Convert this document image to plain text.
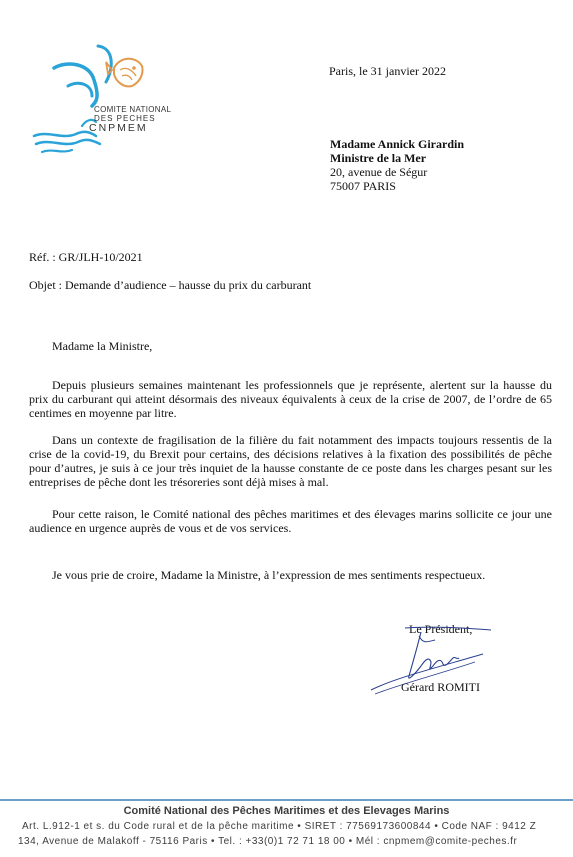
COMITE NATIONAL
DES PECHES
CNPMEM
Paris, le 31 janvier 2022
Madame Annick Girardin
Ministre de la Mer
20, avenue de Ségur
75007 PARIS
Réf. : GR/JLH-10/2021
Objet : Demande d’audience – hausse du prix du carburant
Madame la Ministre,
Depuis plusieurs semaines maintenant les professionnels que je représente, alertent sur la hausse du prix du carburant qui atteint désormais des niveaux équivalents à ceux de la crise de 2007, de l’ordre de 65 centimes en moyenne par litre.
Dans un contexte de fragilisation de la filière du fait notamment des impacts toujours ressentis de la crise de la covid-19, du Brexit pour certains, des décisions relatives à la fixation des possibilités de pêche pour d’autres, je suis à ce jour très inquiet de la hausse constante de ce poste dans les charges pesant sur les entreprises de pêche dont les trésoreries sont déjà mises à mal.
Pour cette raison, le Comité national des pêches maritimes et des élevages marins sollicite ce jour une audience en urgence auprès de vous et de vos services.
Je vous prie de croire, Madame la Ministre, à l’expression de mes sentiments respectueux.
Le Président,
Gérard ROMITI
Comité National des Pêches Maritimes et des Elevages Marins
Art. L.912-1 et s. du Code rural et de la pêche maritime • SIRET : 77569173600844 • Code NAF : 9412 Z
134, Avenue de Malakoff - 75116 Paris • Tel. : +33(0)1 72 71 18 00 • Mél : cnpmem@comite-peches.fr
